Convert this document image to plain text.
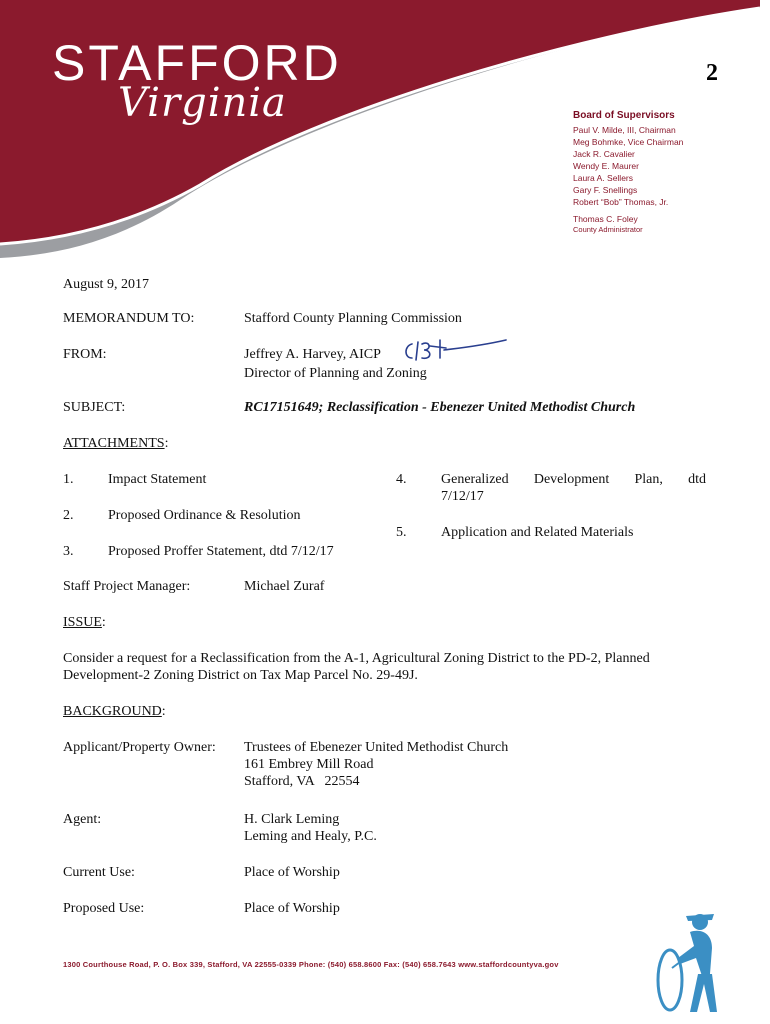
STAFFORD
Virginia
2
Board of Supervisors
Paul V. Milde, III, Chairman
Meg Bohmke, Vice Chairman
Jack R. Cavalier
Wendy E. Maurer
Laura A. Sellers
Gary F. Snellings
Robert “Bob” Thomas, Jr.
Thomas C. Foley
County Administrator
August 9, 2017
MEMORANDUM TO:	Stafford County Planning Commission
FROM:	Jeffrey A. Harvey, AICP
Director of Planning and Zoning
SUBJECT:	RC17151649; Reclassification - Ebenezer United Methodist Church
ATTACHMENTS:
1. Impact Statement
2. Proposed Ordinance & Resolution
3. Proposed Proffer Statement, dtd 7/12/17
4. Generalized Development Plan, dtd
7/12/17
5. Application and Related Materials
Staff Project Manager:	Michael Zuraf
ISSUE:
Consider a request for a Reclassification from the A-1, Agricultural Zoning District to the PD-2, Planned
Development-2 Zoning District on Tax Map Parcel No. 29-49J.
BACKGROUND:
Applicant/Property Owner: Trustees of Ebenezer United Methodist Church
161 Embrey Mill Road
Stafford, VA   22554
Agent:	H. Clark Leming
Leming and Healy, P.C.
Current Use:	Place of Worship
Proposed Use:	Place of Worship
1300 Courthouse Road, P. O. Box 339, Stafford, VA 22555-0339 Phone: (540) 658.8600 Fax: (540) 658.7643 www.staffordcountyva.gov
